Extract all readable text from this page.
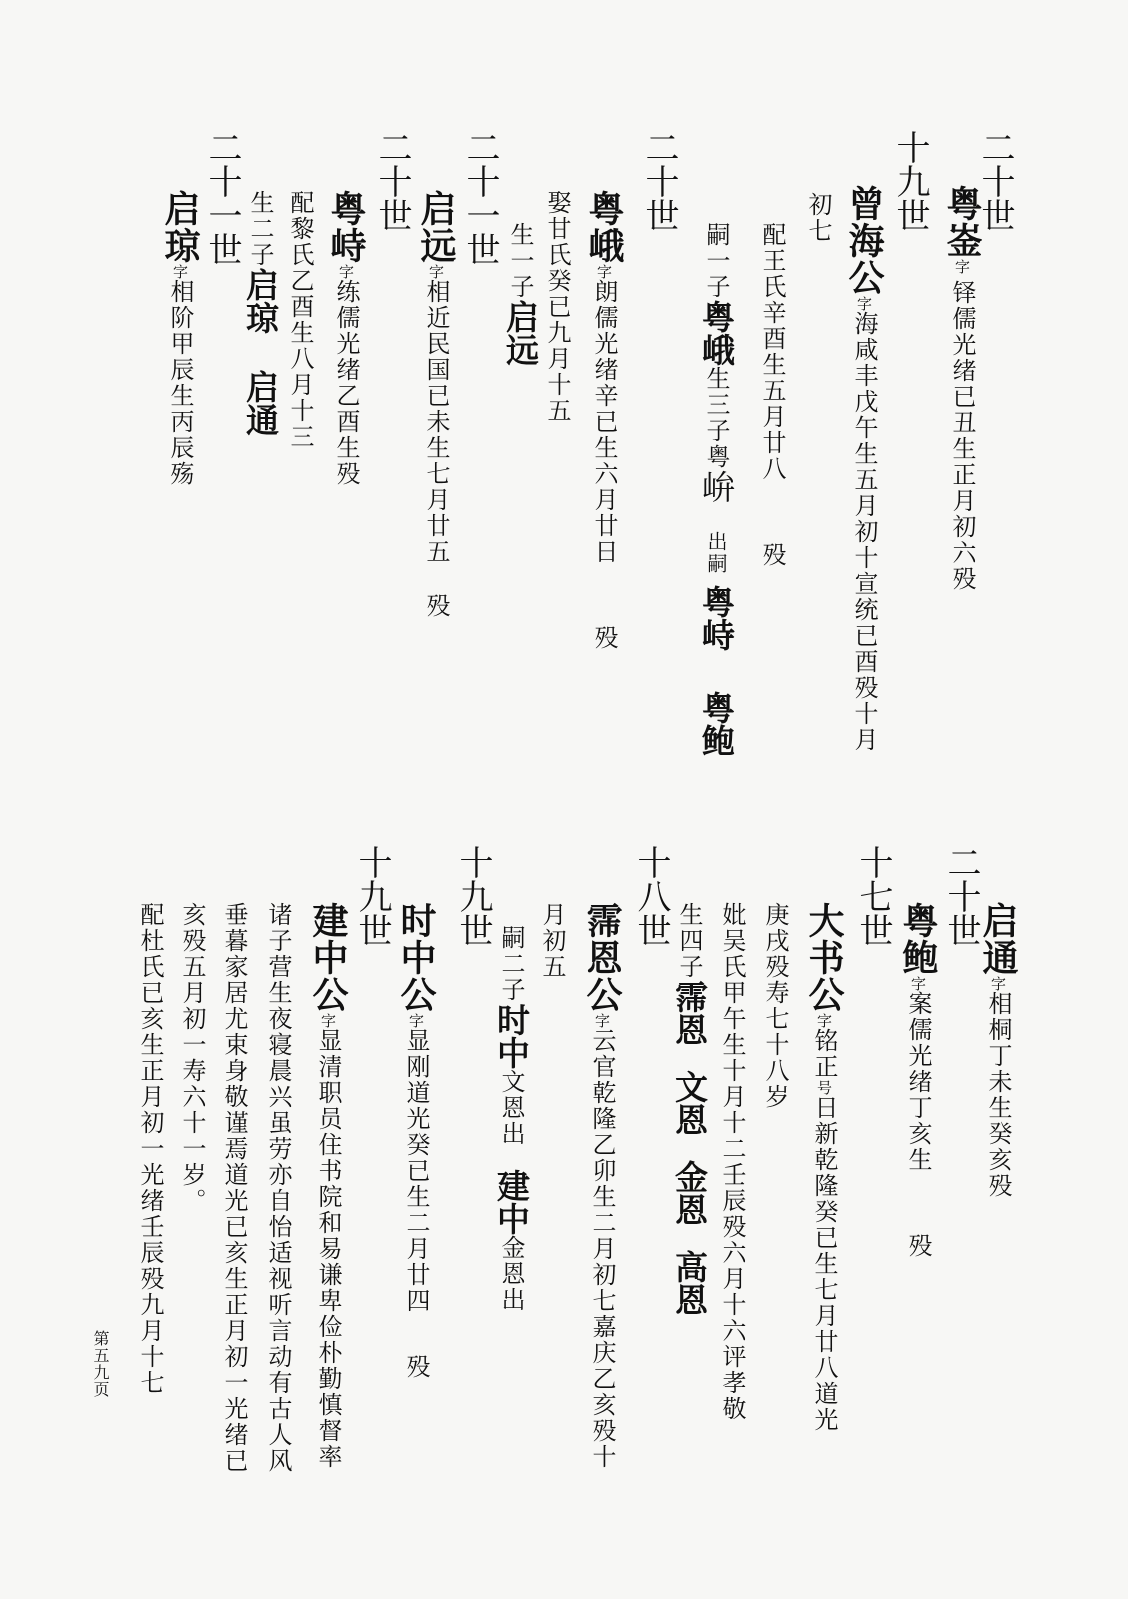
二十世
粤崟字铎儒光绪已丑生正月初六殁
十九世
曾海公字海咸丰戊午生五月初十宣统已酉殁十月
初七
配王氏辛酉生五月廿八殁
嗣一子粤峨生三子粤峅出嗣粤峙粤鲍
二十世
粤峨字朗儒光绪辛已生六月廿日殁
娶甘氏癸已九月十五
生一子启远
二十一世
启远字相近民国已未生七月廿五殁
二十世
粤峙字练儒光绪乙酉生殁
配黎氏乙酉生八月十三
生二子启琼启通
二十一世
启琼字相阶甲辰生丙辰殇
启通字相桐丁未生癸亥殁
二十世
粤鲍字案儒光绪丁亥生殁
十七世
大书公字铭正号日新乾隆癸已生七月廿八道光
庚戌殁寿七十八岁
妣吴氏甲午生十月十二壬辰殁六月十六评孝敬
生四子霈恩文恩金恩高恩
十八世
霈恩公字云官乾隆乙卯生二月初七嘉庆乙亥殁十
月初五
嗣二子时中文恩出建中金恩出
十九世
时中公字显刚道光癸已生二月廿四殁
十九世
建中公字显清职员住书院和易谦卑俭朴勤慎督率
诸子营生夜寝晨兴虽劳亦自怡适视听言动有古人风
垂暮家居尤束身敬谨焉道光已亥生正月初一光绪已
亥殁五月初一寿六十一岁。
配杜氏已亥生正月初一光绪壬辰殁九月十七
第五九页
